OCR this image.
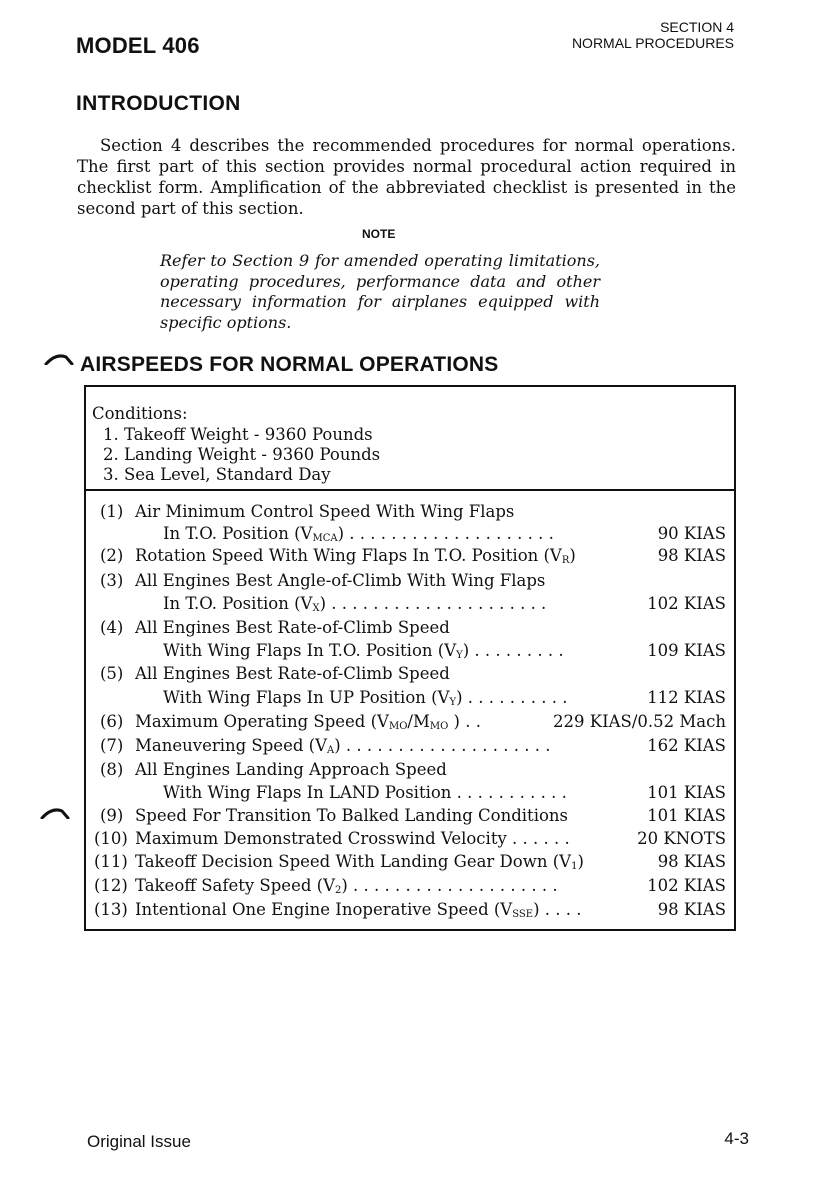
MODEL 406
SECTION 4
NORMAL PROCEDURES
INTRODUCTION
Section 4 describes the recommended procedures for normal operations. The first part of this section provides normal procedural action required in checklist form. Amplification of the abbreviated checklist is presented in the second part of this section.
NOTE
Refer to Section 9 for amended operating limitations, operating procedures, performance data and other necessary information for airplanes equipped with specific options.
AIRSPEEDS FOR NORMAL OPERATIONS
Conditions:
1. Takeoff Weight - 9360 Pounds
2. Landing Weight - 9360 Pounds
3. Sea Level, Standard Day
(1) Air Minimum Control Speed With Wing Flaps
In T.O. Position $(V_{MCA})$ . . . . . . . . . . . . . . . . . . . .	90 KIAS
(2) Rotation Speed With Wing Flaps In T.O. Position $(V_R)$	98 KIAS
(3) All Engines Best Angle-of-Climb With Wing Flaps
In T.O. Position $(V_X)$ . . . . . . . . . . . . . . . . . . . . .	102 KIAS
(4) All Engines Best Rate-of-Climb Speed
With Wing Flaps In T.O. Position $(V_Y)$ . . . . . . . . .	109 KIAS
(5) All Engines Best Rate-of-Climb Speed
With Wing Flaps In UP Position $(V_Y)$ . . . . . . . . . .	112 KIAS
(6) Maximum Operating Speed ($V_{MO}/M_{MO}$ ) . .	229 KIAS/0.52 Mach
(7) Maneuvering Speed $(V_A)$ . . . . . . . . . . . . . . . . . . . .	162 KIAS
(8) All Engines Landing Approach Speed
With Wing Flaps In LAND Position . . . . . . . . . . .	101 KIAS
(9) Speed For Transition To Balked Landing Conditions	101 KIAS
(10) Maximum Demonstrated Crosswind Velocity . . . . . .	20 KNOTS
(11) Takeoff Decision Speed With Landing Gear Down $(V_1)$	98 KIAS
(12) Takeoff Safety Speed $(V_2)$ . . . . . . . . . . . . . . . . . . . .	102 KIAS
(13) Intentional One Engine Inoperative Speed $(V_{SSE})$ . . . .	98 KIAS
Original Issue	4-3
